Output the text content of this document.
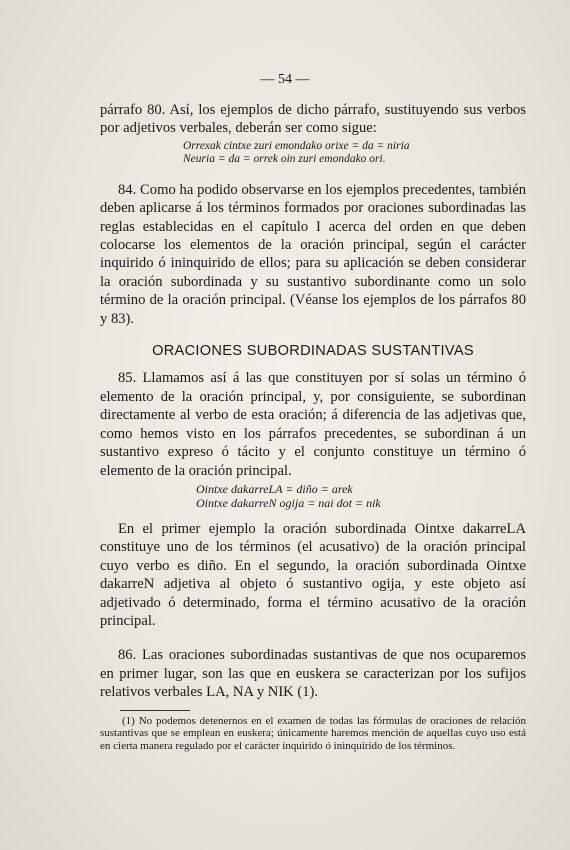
— 54 —

párrafo 80. Así, los ejemplos de dicho párrafo, sustituyendo sus verbos por adjetivos verbales, deberán ser como sigue:

Orrexak cintxe zuri emondako orixe = da = niria
Neuria = da = orrek oin zuri emondako ori.

84. Como ha podido observarse en los ejemplos precedentes, también deben aplicarse á los términos formados por oraciones subordinadas las reglas establecidas en el capítulo I acerca del orden en que deben colocarse los elementos de la oración principal, según el carácter inquirido ó ininquirido de ellos; para su aplicación se deben considerar la oración subordinada y su sustantivo subordinante como un solo término de la oración principal. (Véanse los ejemplos de los párrafos 80 y 83).

ORACIONES SUBORDINADAS SUSTANTIVAS

85. Llamamos así á las que constituyen por sí solas un término ó elemento de la oración principal, y, por consiguiente, se subordinan directamente al verbo de esta oración; á diferencia de las adjetivas que, como hemos visto en los párrafos precedentes, se subordinan á un sustantivo expreso ó tácito y el conjunto constituye un término ó elemento de la oración principal.

Ointxe dakarreLA = diño = arek
Ointxe dakarreN ogija = nai dot = nik

En el primer ejemplo la oración subordinada Ointxe dakarreLA constituye uno de los términos (el acusativo) de la oración principal cuyo verbo es diño. En el segundo, la oración subordinada Ointxe dakarreN adjetiva al objeto ó sustantivo ogija, y este objeto así adjetivado ó determinado, forma el término acusativo de la oración principal.

86. Las oraciones subordinadas sustantivas de que nos ocuparemos en primer lugar, son las que en euskera se caracterizan por los sufijos relativos verbales LA, NA y NIK (1).

(1) No podemos detenernos en el examen de todas las fórmulas de oraciones de relación sustantivas que se emplean en euskera; únicamente haremos mención de aquellas cuyo uso está en cierta manera regulado por el carácter inquirido ó ininquirido de los términos.
